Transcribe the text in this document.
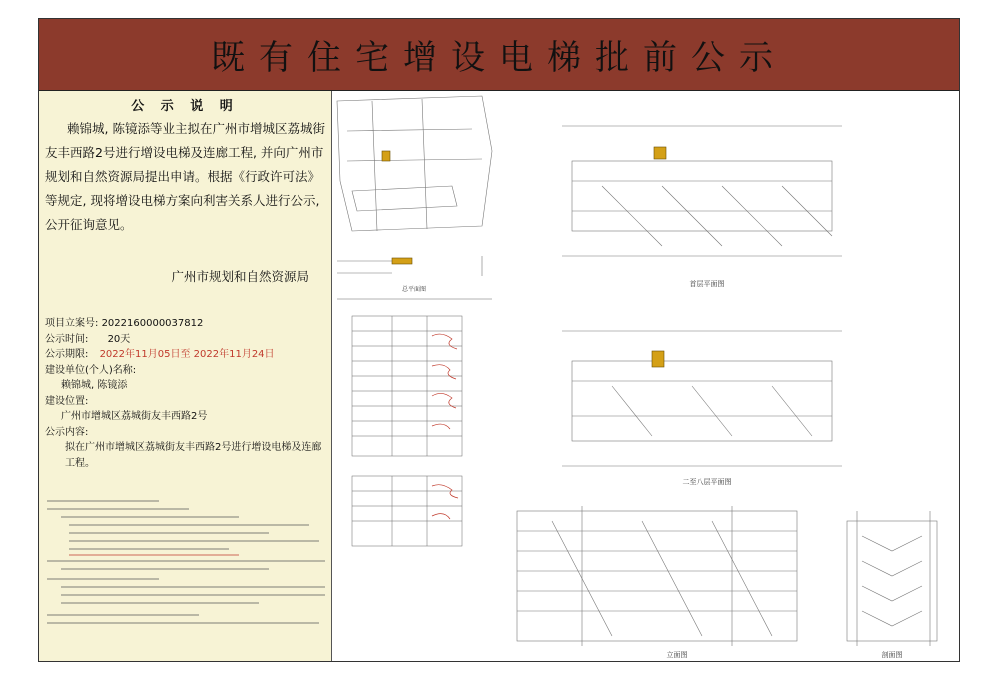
既有住宅增设电梯批前公示
公 示 说 明
赖锦城, 陈镜添等业主拟在广州市增城区荔城街友丰西路2号进行增设电梯及连廊工程, 并向广州市规划和自然资源局提出申请。根据《行政许可法》等规定, 现将增设电梯方案向利害关系人进行公示, 公开征询意见。
广州市规划和自然资源局
项目立案号: 2022160000037812
公示时间: 20天
公示期限: 2022年11月05日至 2022年11月24日
建设单位(个人)名称:
赖锦城, 陈镜添
建设位置:
广州市增城区荔城街友丰西路2号
公示内容:
拟在广州市增城区荔城街友丰西路2号进行增设电梯及连廊工程。
首层平面图
二至八层平面图
立面图	剖面图
总平面图
